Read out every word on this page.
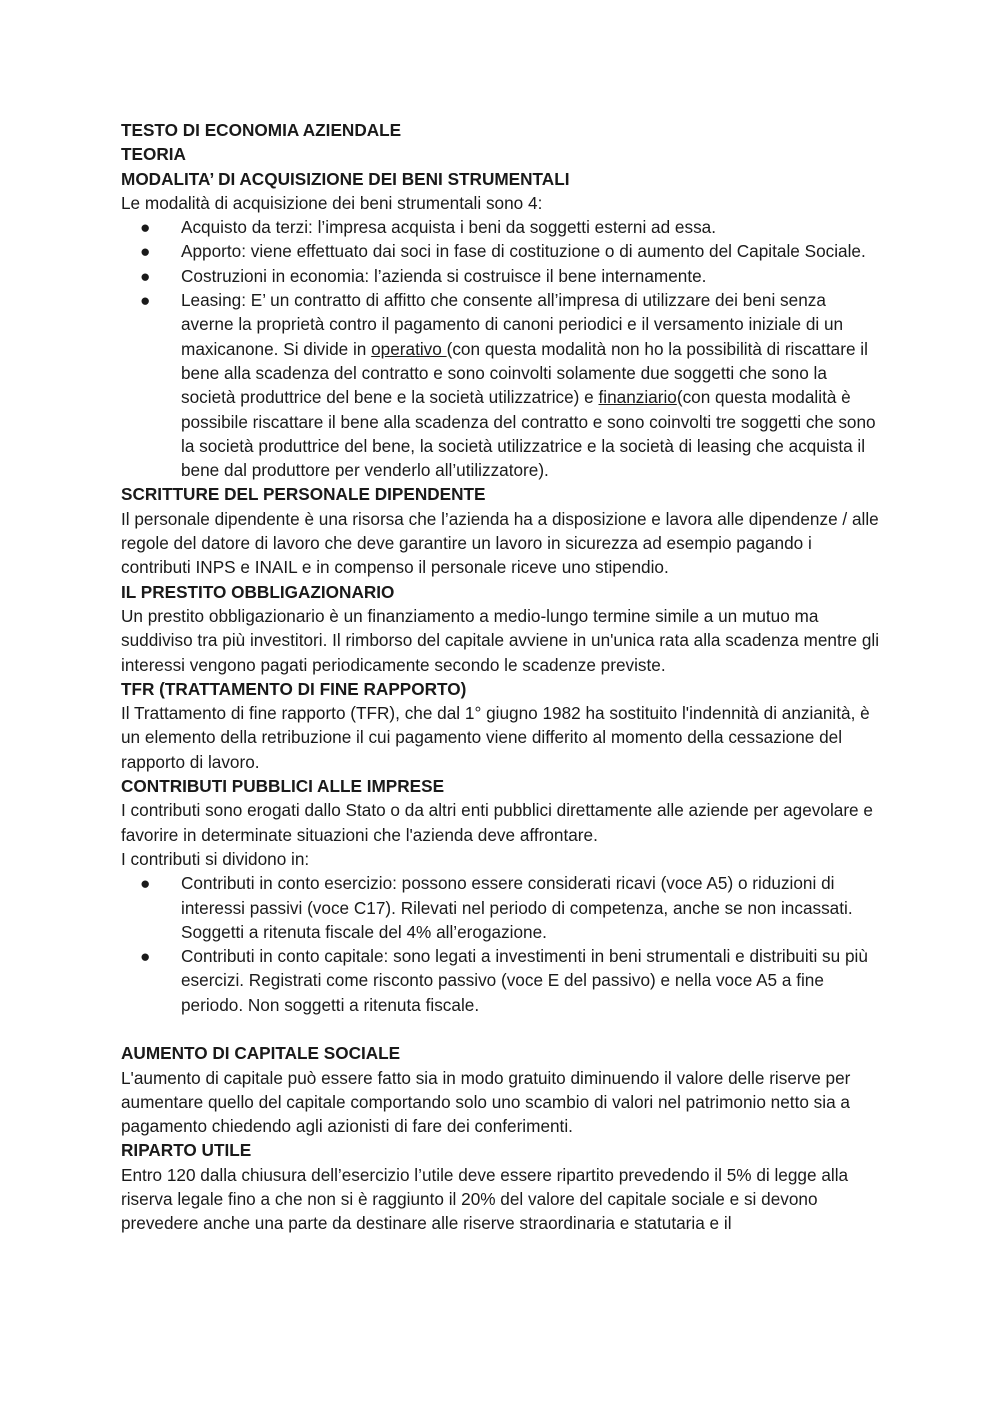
TESTO DI ECONOMIA AZIENDALE

TEORIA

MODALITA’ DI ACQUISIZIONE DEI BENI STRUMENTALI

Le modalità di acquisizione dei beni strumentali sono 4:

● Acquisto da terzi: l’impresa acquista i beni da soggetti esterni ad essa.
● Apporto: viene effettuato dai soci in fase di costituzione o di aumento del Capitale Sociale.
● Costruzioni in economia: l’azienda si costruisce il bene internamente.
● Leasing: E’ un contratto di affitto che consente all’impresa di utilizzare dei beni senza averne la proprietà contro il pagamento di canoni periodici e il versamento iniziale di un maxicanone. Si divide in operativo (con questa modalità non ho la possibilità di riscattare il bene alla scadenza del contratto e sono coinvolti solamente due soggetti che sono la società produttrice del bene e la società utilizzatrice) e finanziario(con questa modalità è possibile riscattare il bene alla scadenza del contratto e sono coinvolti tre soggetti che sono la società produttrice del bene, la società utilizzatrice e la società di leasing che acquista il bene dal produttore per venderlo all’utilizzatore).

SCRITTURE DEL PERSONALE DIPENDENTE

Il personale dipendente è una risorsa che l’azienda ha a disposizione e lavora alle dipendenze / alle regole del datore di lavoro che deve garantire un lavoro in sicurezza ad esempio pagando i contributi INPS e INAIL e in compenso il personale riceve uno stipendio.

IL PRESTITO OBBLIGAZIONARIO

Un prestito obbligazionario è un finanziamento a medio-lungo termine simile a un mutuo ma suddiviso tra più investitori. Il rimborso del capitale avviene in un'unica rata alla scadenza mentre gli interessi vengono pagati periodicamente secondo le scadenze previste.

TFR (TRATTAMENTO DI FINE RAPPORTO)

Il Trattamento di fine rapporto (TFR), che dal 1° giugno 1982 ha sostituito l'indennità di anzianità, è un elemento della retribuzione il cui pagamento viene differito al momento della cessazione del rapporto di lavoro.

CONTRIBUTI PUBBLICI ALLE IMPRESE

I contributi sono erogati dallo Stato o da altri enti pubblici direttamente alle aziende per agevolare e favorire in determinate situazioni che l'azienda deve affrontare.

I contributi si dividono in:

● Contributi in conto esercizio: possono essere considerati ricavi (voce A5) o riduzioni di interessi passivi (voce C17). Rilevati nel periodo di competenza, anche se non incassati. Soggetti a ritenuta fiscale del 4% all’erogazione.
● Contributi in conto capitale: sono legati a investimenti in beni strumentali e distribuiti su più esercizi. Registrati come risconto passivo (voce E del passivo) e nella voce A5 a fine periodo. Non soggetti a ritenuta fiscale.

AUMENTO DI CAPITALE SOCIALE

L'aumento di capitale può essere fatto sia in modo gratuito diminuendo il valore delle riserve per aumentare quello del capitale comportando solo uno scambio di valori nel patrimonio netto sia a pagamento chiedendo agli azionisti di fare dei conferimenti.

RIPARTO UTILE

Entro 120 dalla chiusura dell’esercizio l’utile deve essere ripartito prevedendo il 5% di legge alla riserva legale fino a che non si è raggiunto il 20% del valore del capitale sociale e si devono prevedere anche una parte da destinare alle riserve straordinaria e statutaria e il
